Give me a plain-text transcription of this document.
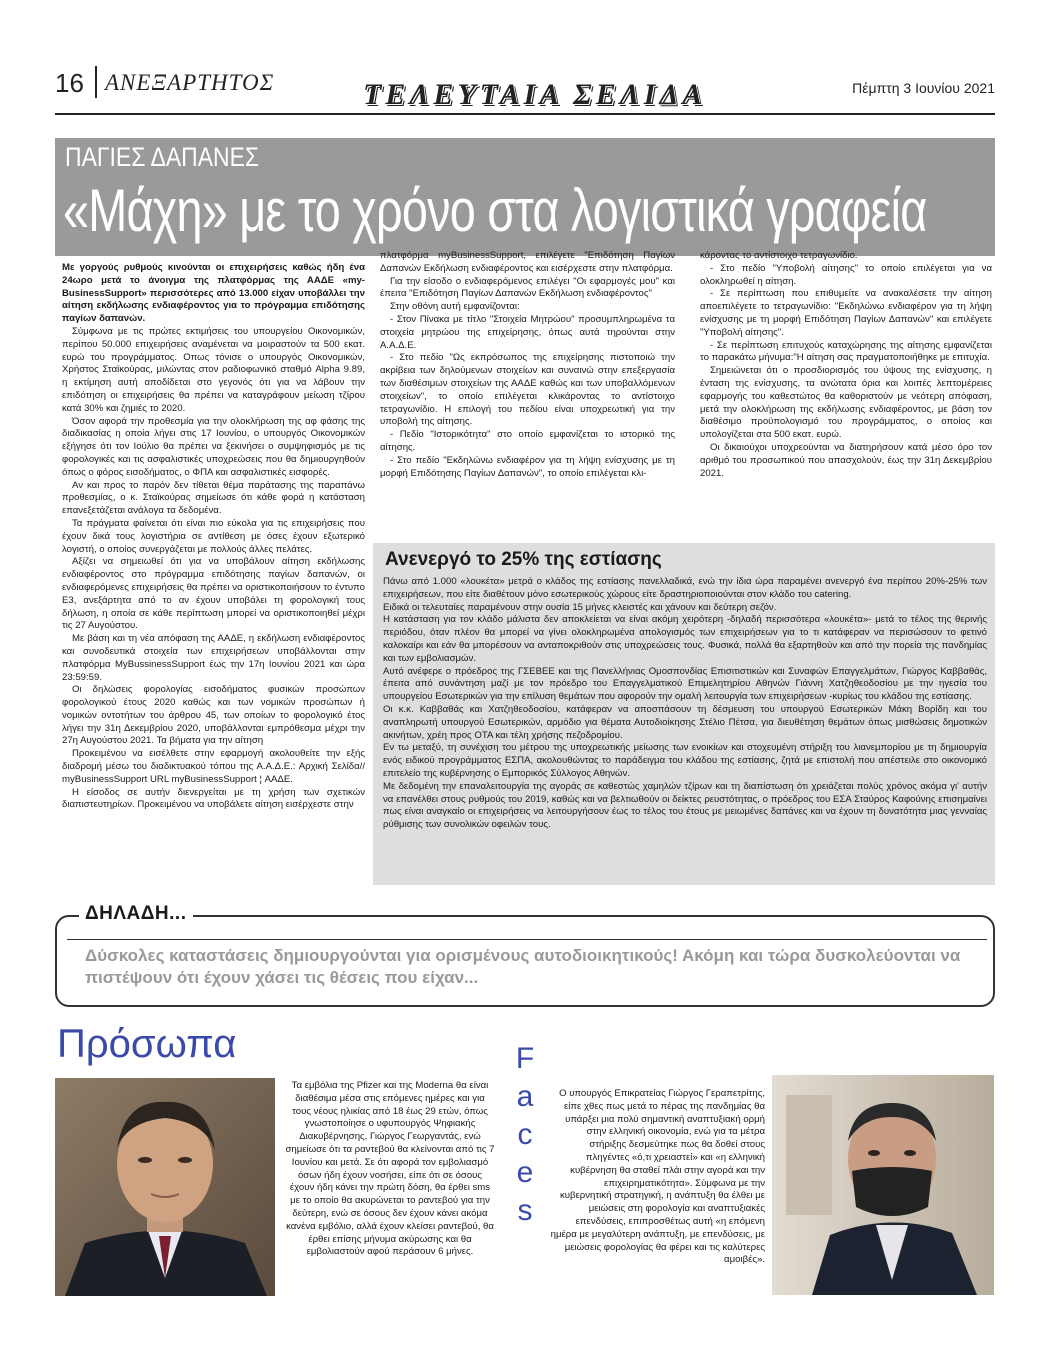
16 ΑΝΕΞΑΡΤΗΤΟΣ	ΤΕΛΕΥΤΑΙΑ ΣΕΛΙΔΑ	Πέμπτη 3 Ιουνίου 2021
ΠΑΓΙΕΣ ΔΑΠΑΝΕΣ
«Μάχη» με το χρόνο στα λογιστικά γραφεία

Με γοργούς ρυθμούς κινούνται οι επιχειρήσεις καθώς ήδη ένα 24ωρο μετά το άνοιγμα της πλατφόρμας της ΑΑΔΕ «my-BusinessSupport» περισσότερες από 13.000 είχαν υποβάλλει την αίτηση εκδήλωσης ενδιαφέροντος για το πρόγραμμα επιδότησης παγίων δαπανών.

Σύμφωνα με τις πρώτες εκτιμήσεις του υπουργείου Οικονομικών, περίπου 50.000 επιχειρήσεις αναμένεται να μοιραστούν τα 500 εκατ. ευρώ του προγράμματος. Οπως τόνισε ο υπουργός Οικονομικών, Χρήστος Σταϊκούρας, μιλώντας στον ραδιοφωνικό σταθμό Alpha 9.89, η εκτίμηση αυτή αποδίδεται στο γεγονός ότι για να λάβουν την επιδότηση οι επιχειρήσεις θα πρέπει να καταγράφουν μείωση τζίρου κατά 30% και ζημιές το 2020.

Όσον αφορά την προθεσμία για την ολοκλήρωση της αφ φάσης της διαδικασίας η οποία λήγει στις 17 Ιουνίου, ο υπουργός Οικονομικών εξήγησε ότι τον Ιούλιο θα πρέπει να ξεκινήσει ο συμψηφισμός με τις φορολογικές και τις ασφαλιστικές υποχρεώσεις που θα δημιουργηθούν όπως ο φόρος εισοδήματος, ο ΦΠΑ και ασφαλιστικές εισφορές.

Αν και προς το παρόν δεν τίθεται θέμα παράτασης της παραπάνω προθεσμίας, ο κ. Σταϊκούρας σημείωσε ότι κάθε φορά η κατάσταση επανεξετάζεται ανάλογα τα δεδομένα.

Τα πράγματα φαίνεται ότι είναι πιο εύκολα για τις επιχειρήσεις που έχουν δικά τους λογιστήρια σε αντίθεση με όσες έχουν εξωτερικό λογιστή, ο οποίος συνεργάζεται με πολλούς άλλες πελάτες.

Αξίζει να σημειωθεί ότι για να υποβάλουν αίτηση εκδήλωσης ενδιαφέροντος στο πρόγραμμα επιδότησης παγίων δαπανών, οι ενδιαφερόμενες επιχειρήσεις θα πρέπει να οριστικοποιήσουν το έντυπο Ε3, ανεξάρτητα από το αν έχουν υποβάλει τη φορολογική τους δήλωση, η οποία σε κάθε περίπτωση μπορεί να οριστικοποιηθεί μέχρι τις 27 Αυγούστου.

Με βάση και τη νέα απόφαση της ΑΑΔΕ, η εκδήλωση ενδιαφέροντος και συνοδευτικά στοιχεία των επιχειρήσεων υποβάλλονται στην πλατφόρμα MyBussinessSupport έως την 17η Ιουνίου 2021 και ώρα 23:59:59.

Οι δηλώσεις φορολογίας εισοδήματος φυσικών προσώπων φορολογικού έτους 2020 καθώς και των νομικών προσώπων ή νομικών οντοτήτων του άρθρου 45, των οποίων το φορολογικό έτος λήγει την 31η Δεκεμβρίου 2020, υποβάλλονται εμπρόθεσμα μέχρι την 27η Αυγούστου 2021. Τα βήματα για την αίτηση

Προκειμένου να εισέλθετε στην εφαρμογή ακολουθείτε την εξής διαδρομή μέσω του διαδικτυακού τόπου της Α.Α.Δ.Ε.: Αρχική Σελίδα// myBusinessSupport URL myBusinessSupport ¦ ΑΑΔΕ.

Η είσοδος σε αυτήν διενεργείται με τη χρήση των σχετικών διαπιστευτηρίων. Προκειμένου να υποβάλετε αίτηση εισέρχεστε στην

πλατφόρμα myBusinessSupport, επιλέγετε "Επιδότηση Παγίων Δαπανών Εκδήλωση ενδιαφέροντος και εισέρχεστε στην πλατφόρμα.

Για την είσοδο ο ενδιαφερόμενος επιλέγει "Οι εφαρμογές μου" και έπειτα "Επιδότηση Παγίων Δαπανών Εκδήλωση ενδιαφέροντος"

Στην οθόνη αυτή εμφανίζονται:

- Στον Πίνακα με τίτλο "Στοιχεία Μητρώου" προσυμπληρωμένα τα στοιχεία μητρώου της επιχείρησης, όπως αυτά τηρούνται στην Α.Α.Δ.Ε.

- Στο πεδίο "Ως εκπρόσωπος της επιχείρησης πιστοποιώ την ακρίβεια των δηλούμενων στοιχείων και συναινώ στην επεξεργασία των διαθέσιμων στοιχείων της ΑΑΔΕ καθώς και των υποβαλλόμενων στοιχείων", το οποίο επιλέγεται κλικάροντας το αντίστοιχο τετραγωνίδιο. Η επιλογή του πεδίου είναι υποχρεωτική για την υποβολή της αίτησης.

- Πεδίο "Ιστορικότητα" στο οποίο εμφανίζεται το ιστορικό της αίτησης.

- Στο πεδίο "Εκδηλώνω ενδιαφέρον για τη λήψη ενίσχυσης με τη μορφή Επιδότησης Παγίων Δαπανών", το οποίο επιλέγεται κλι-

κάροντας το αντίστοιχο τετραγωνίδιο.

- Στο πεδίο "Υποβολή αίτησης" το οποίο επιλέγεται για να ολοκληρωθεί η αίτηση.

- Σε περίπτωση που επιθυμείτε να ανακαλέσετε την αίτηση αποεπιλέγετε το τετραγωνίδιο: "Εκδηλώνω ενδιαφέρον για τη λήψη ενίσχυσης με τη μορφή Επιδότηση Παγίων Δαπανών" και επιλέγετε "Υποβολή αίτησης".

- Σε περίπτωση επιτυχούς καταχώρησης της αίτησης εμφανίζεται το παρακάτω μήνυμα:"Η αίτηση σας πραγματοποιήθηκε με επιτυχία.

Σημειώνεται ότι ο προσδιορισμός του ύψους της ενίσχυσης, η ένταση της ενίσχυσης, τα ανώτατα όρια και λοιπές λεπτομέρειες εφαρμογής του καθεστώτος θα καθοριστούν με νεότερη απόφαση, μετά την ολοκλήρωση της εκδήλωσης ενδιαφέροντος, με βάση τον διαθέσιμο προϋπολογισμό του προγράμματος, ο οποίος και υπολογίζεται στα 500 εκατ. ευρώ.

Οι δικαιούχοι υποχρεούνται να διατηρήσουν κατά μέσο όρο τον αριθμό του προσωπικού που απασχολούν, έως την 31η Δεκεμβρίου 2021.

Ανενεργό το 25% της εστίασης

Πάνω από 1.000 «λουκέτα» μετρά ο κλάδος της εστίασης πανελλαδικά, ενώ την ίδια ώρα παραμένει ανενεργό ένα περίπου 20%-25% των επιχειρήσεων, που είτε διαθέτουν μόνο εσωτερικούς χώρους είτε δραστηριοποιούνται στον κλάδο του catering.

Ειδικά οι τελευταίες παραμένουν στην ουσία 15 μήνες κλειστές και χάνουν και δεύτερη σεζόν.

Η κατάσταση για τον κλάδο μάλιστα δεν αποκλείεται να είναι ακόμη χειρότερη -δηλαδή περισσότερα «λουκέτα»- μετά το τέλος της θερινής περιόδου, όταν πλέον θα μπορεί να γίνει ολοκληρωμένα απολογισμός των επιχειρήσεων για το τι κατάφεραν να περισώσουν το φετινό καλοκαίρι και εάν θα μπορέσουν να ανταποκριθούν στις υποχρεώσεις τους. Φυσικά, πολλά θα εξαρτηθούν και από την πορεία της πανδημίας και των εμβολιασμών.

Αυτό ανέφερε ο πρόεδρος της ΓΣΕΒΕΕ και της Πανελλήνιας Ομοσπονδίας Επισιτιστικών και Συναφών Επαγγελμάτων, Γιώργος Καββαθάς, έπειτα από συνάντηση μαζί με τον πρόεδρο του Επαγγελματικού Επιμελητηρίου Αθηνών Γιάννη Χατζηθεοδοσίου με την ηγεσία του υπουργείου Εσωτερικών για την επίλυση θεμάτων που αφορούν την ομαλή λειτουργία των επιχειρήσεων -κυρίως του κλάδου της εστίασης.

Οι κ.κ. Καββαθάς και Χατζηθεοδοσίου, κατάφεραν να αποσπάσουν τη δέσμευση του υπουργού Εσωτερικών Μάκη Βορίδη και του αναπληρωτή υπουργού Εσωτερικών, αρμόδιο για θέματα Αυτοδιοίκησης Στέλιο Πέτσα, για διευθέτηση θεμάτων όπως μισθώσεις δημοτικών ακινήτων, χρέη προς ΟΤΑ και τέλη χρήσης πεζοδρομίου.

Εν τω μεταξύ, τη συνέχιση του μέτρου της υποχρεωτικής μείωσης των ενοικίων και στοχευμένη στήριξη του λιανεμπορίου με τη δημιουργία ενός ειδικού προγράμματος ΕΣΠΑ, ακολουθώντας το παράδειγμα του κλάδου της εστίασης, ζητά με επιστολή που απέστειλε στο οικονομικό επιτελείο της κυβέρνησης ο Εμπορικός Σύλλογος Αθηνών.

Με δεδομένη την επαναλειτουργία της αγοράς σε καθεστώς χαμηλών τζίρων και τη διαπίστωση ότι χρειάζεται πολύς χρόνος ακόμα γι' αυτήν να επανέλθει στους ρυθμούς του 2019, καθώς και να βελτιωθούν οι δείκτες ρευστότητας, ο πρόεδρος του ΕΣΑ Σταύρος Καφούνης επισημαίνει πως είναι αναγκαίο οι επιχειρήσεις να λειτουργήσουν έως το τέλος του έτους με μειωμένες δαπάνες και να έχουν τη δυνατότητα μιας γενναίας ρύθμισης των συνολικών οφειλών τους.

ΔΗΛΑΔΗ...
Δύσκολες καταστάσεις δημιουργούνται για ορισμένους αυτοδιοικητικούς! Ακόμη και τώρα δυσκολεύονται να πιστέψουν ότι έχουν χάσει τις θέσεις που είχαν...
Πρόσωπα	F
a
c
e
s
Τα εμβόλια της Pfizer και της Moderna θα είναι διαθέσιμα μέσα στις επόμενες ημέρες και για τους νέους ηλικίας από 18 έως 29 ετών, όπως γνωστοποίησε ο υφυπουργός Ψηφιακής Διακυβέρνησης, Γιώργος Γεωργαντάς, ενώ σημείωσε ότι τα ραντεβού θα κλείνονται από τις 7 Ιουνίου και μετά. Σε ότι αφορά τον εμβολιασμό όσων ήδη έχουν νοσήσει, είπε ότι σε όσους έχουν ήδη κάνει την πρώτη δόση, θα έρθει sms με το οποίο θα ακυρώνεται το ραντεβού για την δεύτερη, ενώ σε όσους δεν έχουν κάνει ακόμα κανένα εμβόλιο, αλλά έχουν κλείσει ραντεβού, θα έρθει επίσης μήνυμα ακύρωσης και θα εμβολιαστούν αφού περάσουν 6 μήνες.
Ο υπουργός Επικρατείας Γιώργος Γεραπετρίτης, είπε χθες πως μετά το πέρας της πανδημίας θα υπάρξει μια πολύ σημαντική αναπτυξιακή ορμή στην ελληνική οικονομία, ενώ για τα μέτρα στήριξης δεσμεύτηκε πως θα δοθεί στους πληγέντες «ό,τι χρειαστεί» και «η ελληνική κυβέρνηση θα σταθεί πλάι στην αγορά και την επιχειρηματικότητα». Σύμφωνα με την κυβερνητική στρατηγική, η ανάπτυξη θα έλθει με μειώσεις στη φορολογία και αναπτυξιακές επενδύσεις, επιπροσθέτως αυτή «η επόμενη ημέρα με μεγαλύτερη ανάπτυξη, με επενδύσεις, με μειώσεις φορολογίας θα φέρει και τις καλύτερες αμοιβές».
